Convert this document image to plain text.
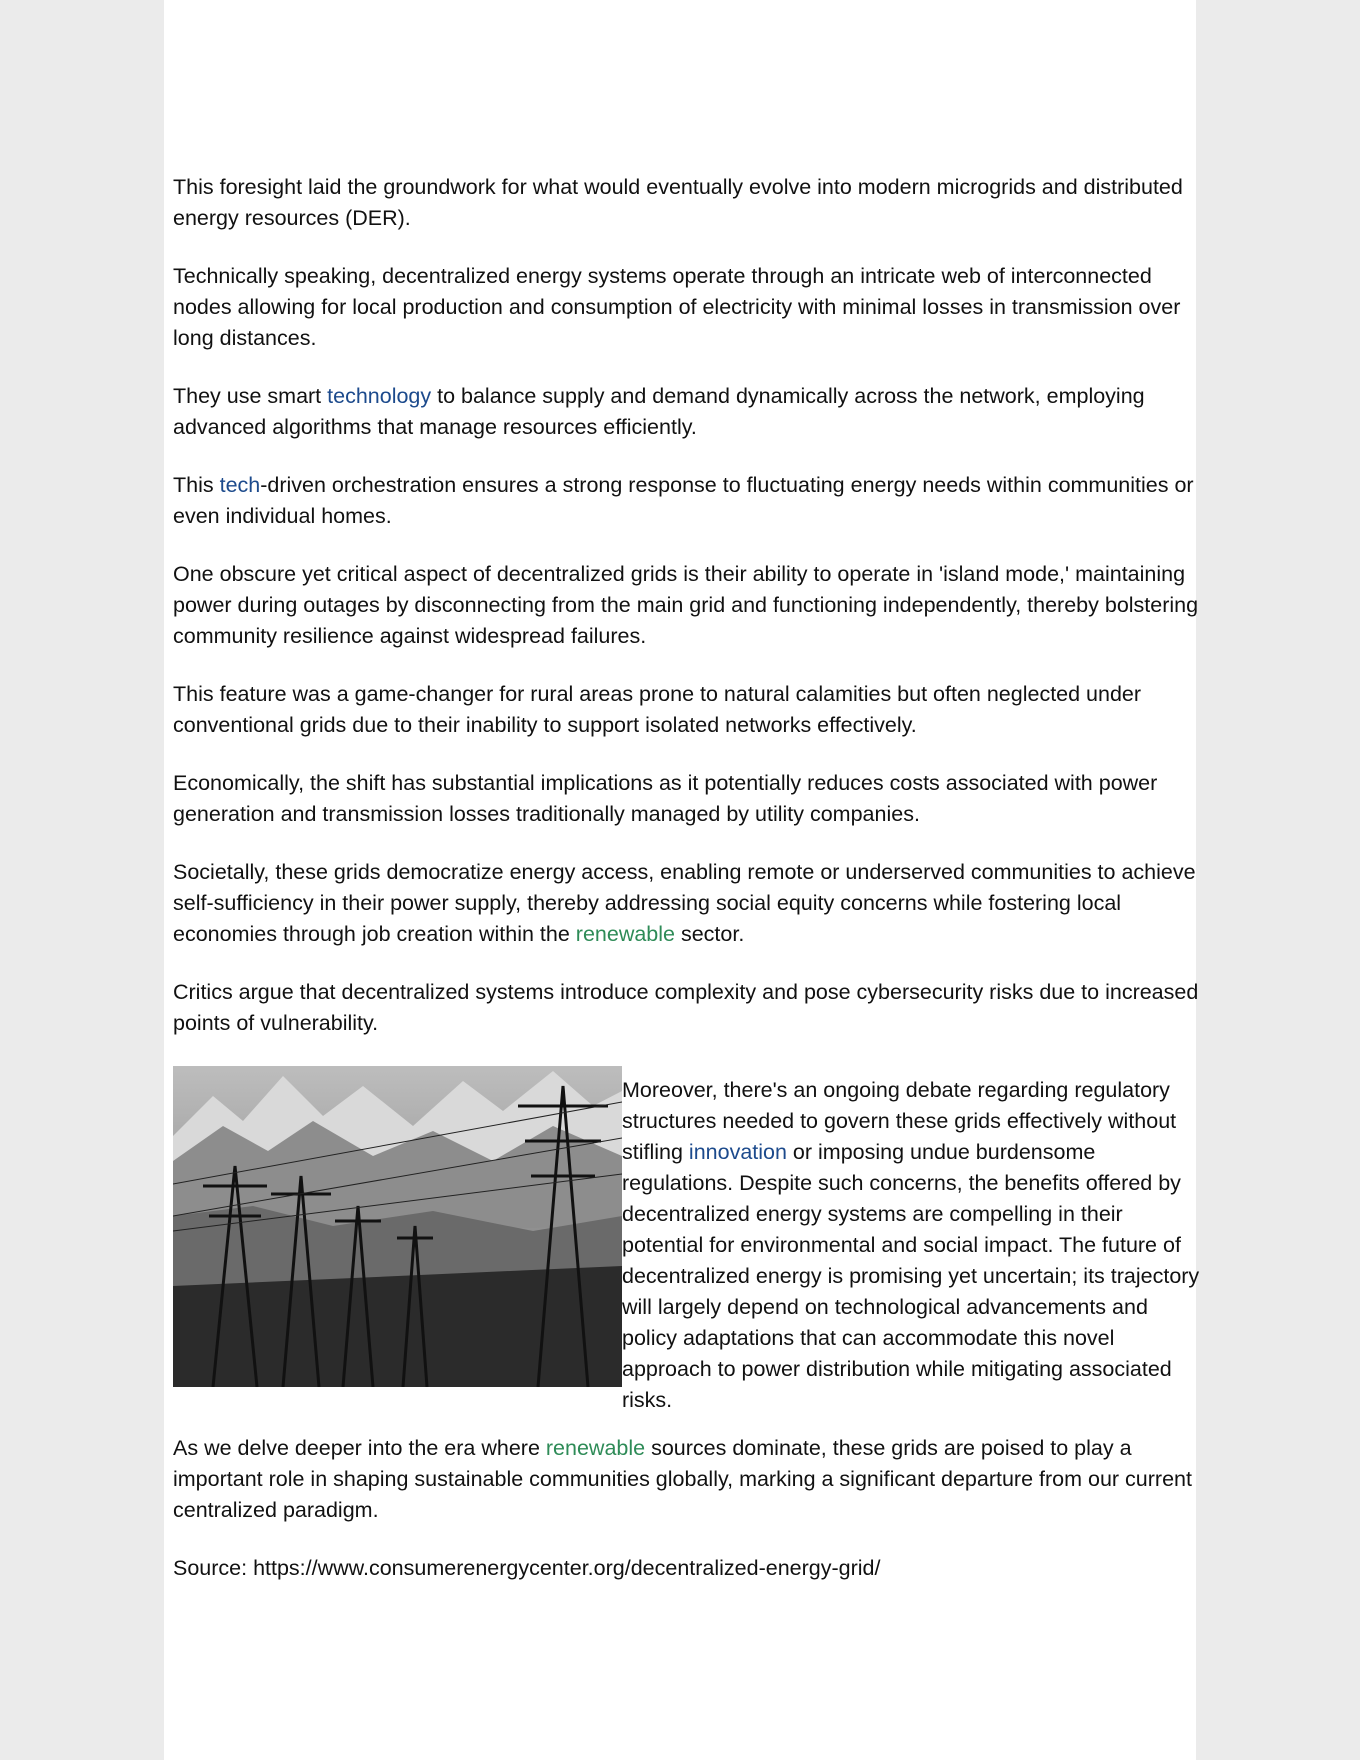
This foresight laid the groundwork for what would eventually evolve into modern microgrids and distributed energy resources (DER).

Technically speaking, decentralized energy systems operate through an intricate web of interconnected nodes allowing for local production and consumption of electricity with minimal losses in transmission over long distances.

They use smart technology to balance supply and demand dynamically across the network, employing advanced algorithms that manage resources efficiently.

This tech-driven orchestration ensures a strong response to fluctuating energy needs within communities or even individual homes.

One obscure yet critical aspect of decentralized grids is their ability to operate in 'island mode,' maintaining power during outages by disconnecting from the main grid and functioning independently, thereby bolstering community resilience against widespread failures.

This feature was a game-changer for rural areas prone to natural calamities but often neglected under conventional grids due to their inability to support isolated networks effectively.

Economically, the shift has substantial implications as it potentially reduces costs associated with power generation and transmission losses traditionally managed by utility companies.

Societally, these grids democratize energy access, enabling remote or underserved communities to achieve self-sufficiency in their power supply, thereby addressing social equity concerns while fostering local economies through job creation within the renewable sector.

Critics argue that decentralized systems introduce complexity and pose cybersecurity risks due to increased points of vulnerability.

Moreover, there's an ongoing debate regarding regulatory structures needed to govern these grids effectively without stifling innovation or imposing undue burdensome regulations. Despite such concerns, the benefits offered by decentralized energy systems are compelling in their potential for environmental and social impact. The future of decentralized energy is promising yet uncertain; its trajectory will largely depend on technological advancements and policy adaptations that can accommodate this novel approach to power distribution while mitigating associated risks.

As we delve deeper into the era where renewable sources dominate, these grids are poised to play a important role in shaping sustainable communities globally, marking a significant departure from our current centralized paradigm.

Source: https://www.consumerenergycenter.org/decentralized-energy-grid/
